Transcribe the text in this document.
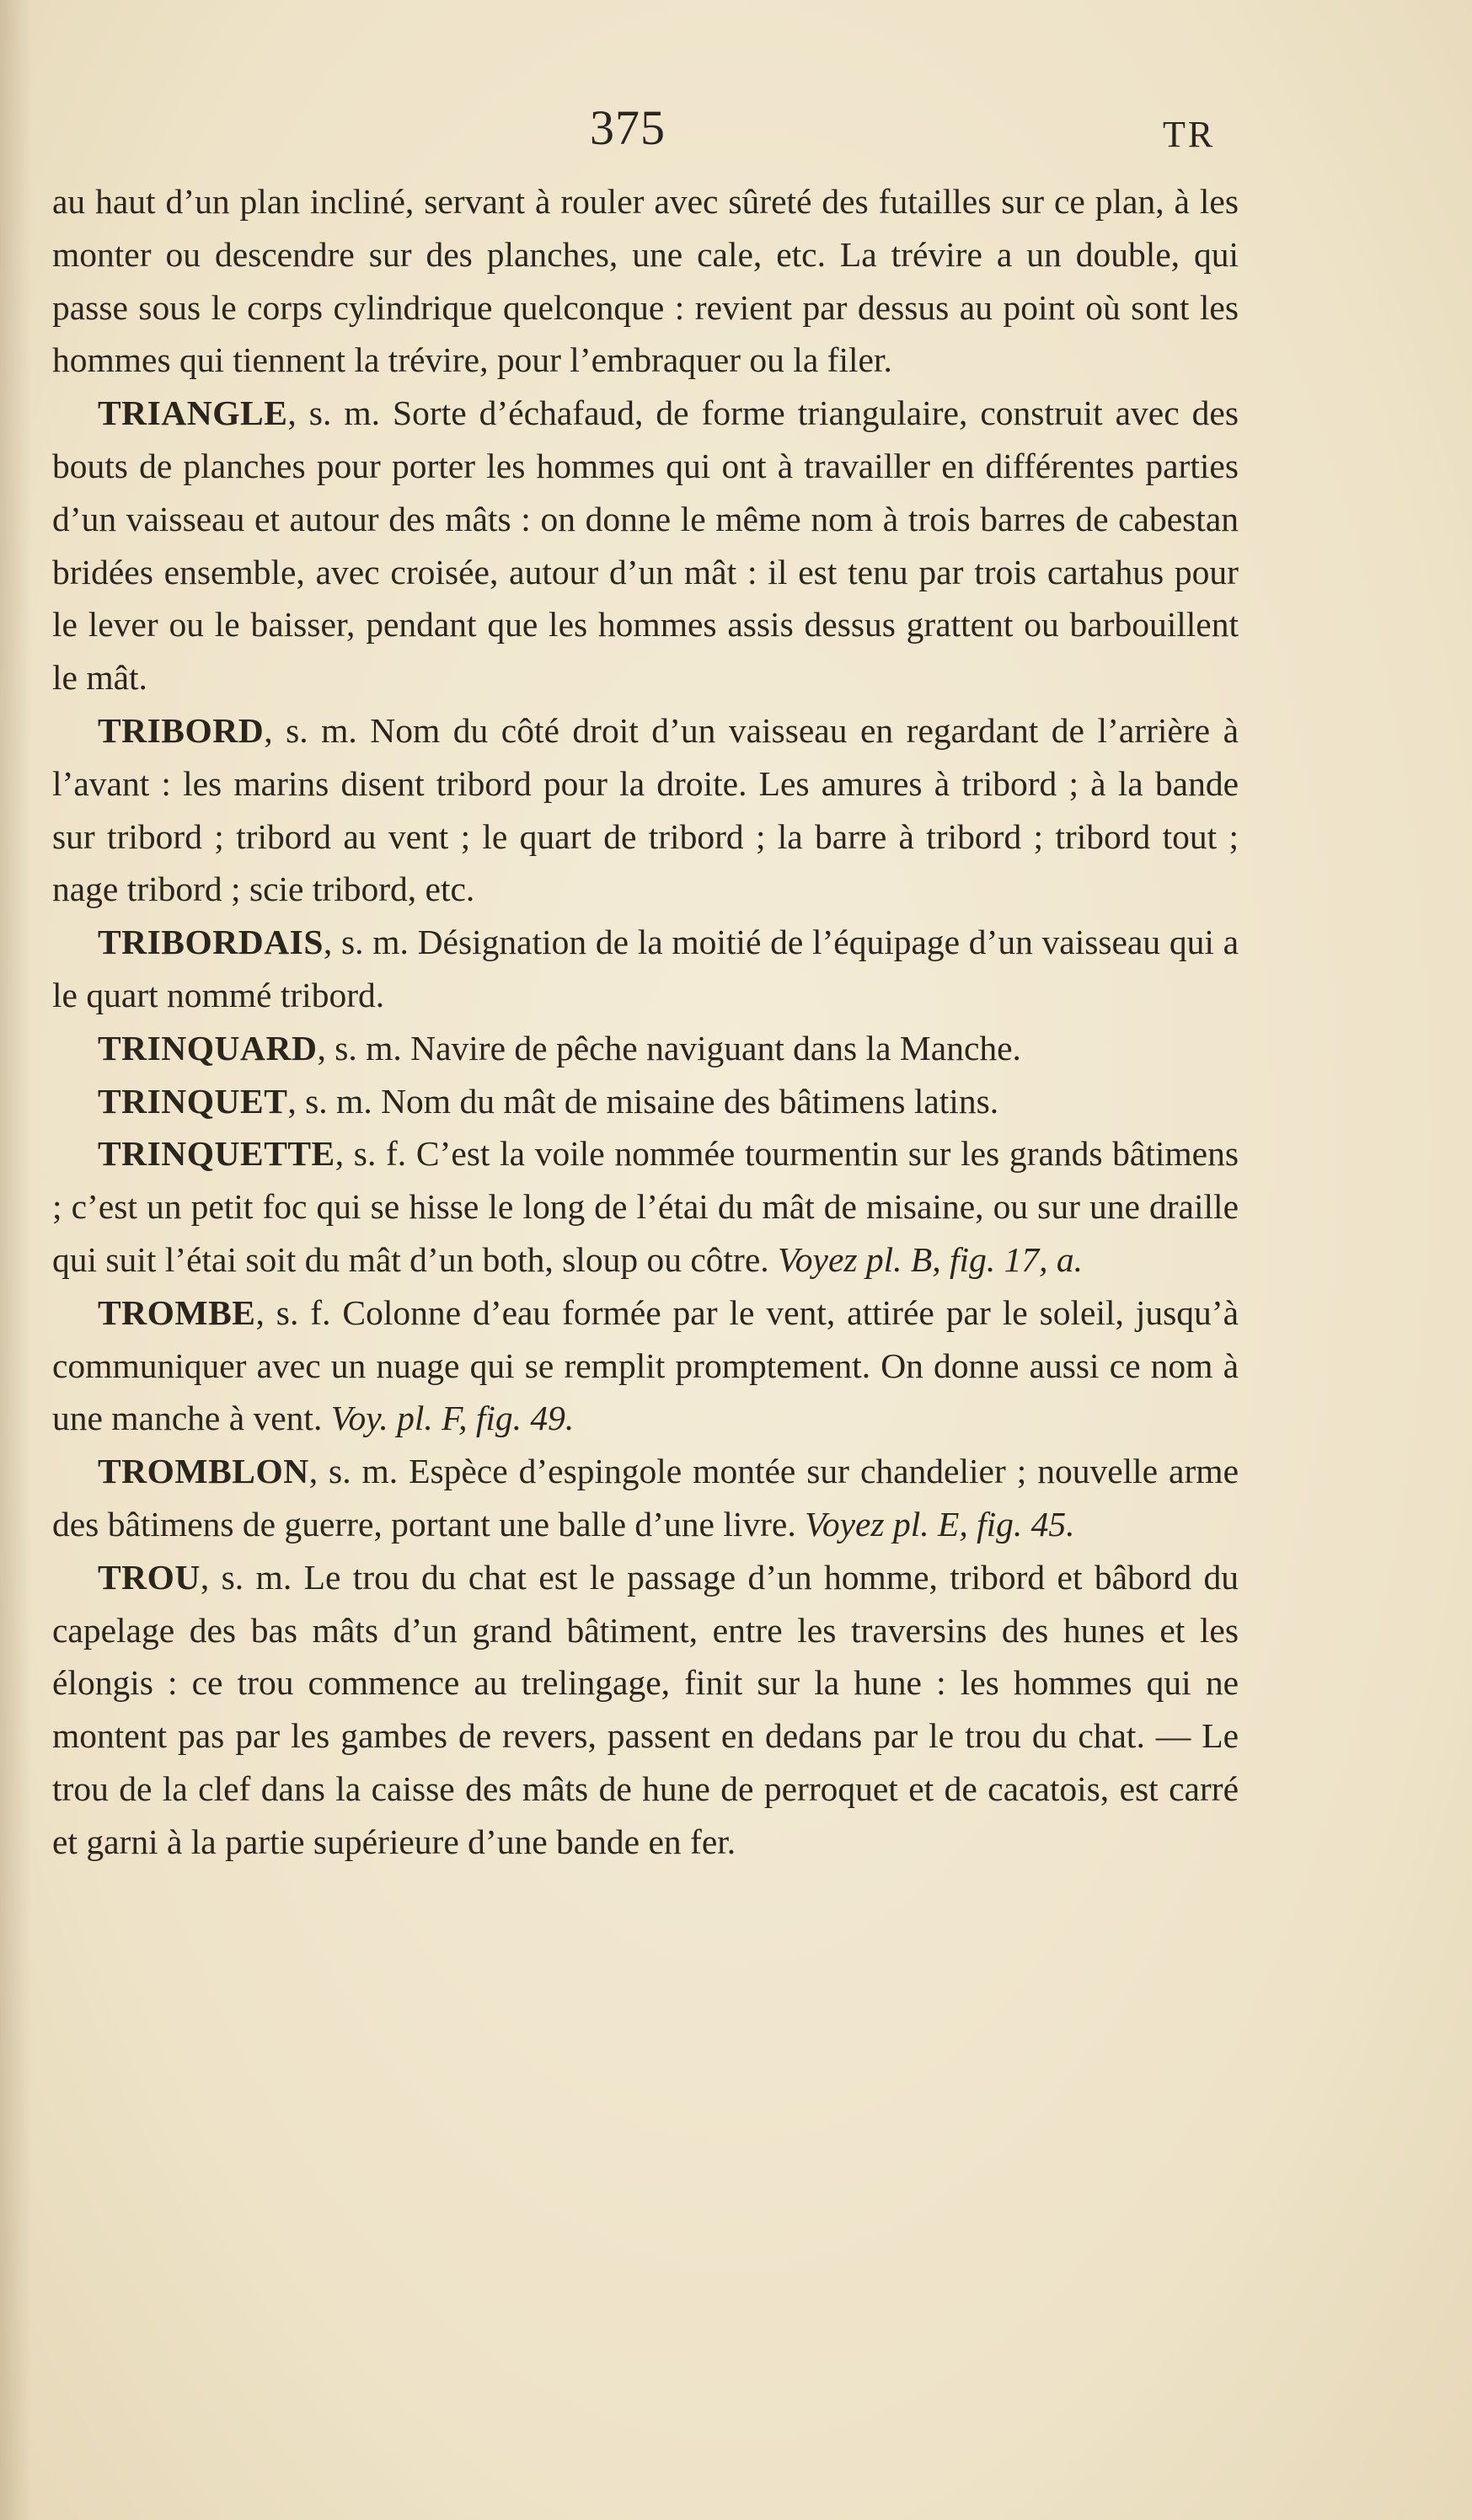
375	TR

au haut d’un plan incliné, servant à rouler avec sûreté des futailles sur ce plan, à les monter ou descendre sur des planches, une cale, etc. La trévire a un double, qui passe sous le corps cylindrique quelconque : revient par dessus au point où sont les hommes qui tiennent la trévire, pour l’embraquer ou la filer.

TRIANGLE, s. m. Sorte d’échafaud, de forme triangulaire, construit avec des bouts de planches pour porter les hommes qui ont à travailler en différentes parties d’un vaisseau et autour des mâts : on donne le même nom à trois barres de cabestan bridées ensemble, avec croisée, autour d’un mât : il est tenu par trois cartahus pour le lever ou le baisser, pendant que les hommes assis dessus grattent ou barbouillent le mât.

TRIBORD, s. m. Nom du côté droit d’un vaisseau en regardant de l’arrière à l’avant : les marins disent tribord pour la droite. Les amures à tribord ; à la bande sur tribord ; tribord au vent ; le quart de tribord ; la barre à tribord ; tribord tout ; nage tribord ; scie tribord, etc.

TRIBORDAIS, s. m. Désignation de la moitié de l’équipage d’un vaisseau qui a le quart nommé tribord.

TRINQUARD, s. m. Navire de pêche naviguant dans la Manche.

TRINQUET, s. m. Nom du mât de misaine des bâtimens latins.

TRINQUETTE, s. f. C’est la voile nommée tourmentin sur les grands bâtimens ; c’est un petit foc qui se hisse le long de l’étai du mât de misaine, ou sur une draille qui suit l’étai soit du mât d’un both, sloup ou côtre. Voyez pl. B, fig. 17, a.

TROMBE, s. f. Colonne d’eau formée par le vent, attirée par le soleil, jusqu’à communiquer avec un nuage qui se remplit promptement. On donne aussi ce nom à une manche à vent. Voy. pl. F, fig. 49.

TROMBLON, s. m. Espèce d’espingole montée sur chandelier ; nouvelle arme des bâtimens de guerre, portant une balle d’une livre. Voyez pl. E, fig. 45.

TROU, s. m. Le trou du chat est le passage d’un homme, tribord et bâbord du capelage des bas mâts d’un grand bâtiment, entre les traversins des hunes et les élongis : ce trou commence au trelingage, finit sur la hune : les hommes qui ne montent pas par les gambes de revers, passent en dedans par le trou du chat. — Le trou de la clef dans la caisse des mâts de hune de perroquet et de cacatois, est carré et garni à la partie supérieure d’une bande en fer.
